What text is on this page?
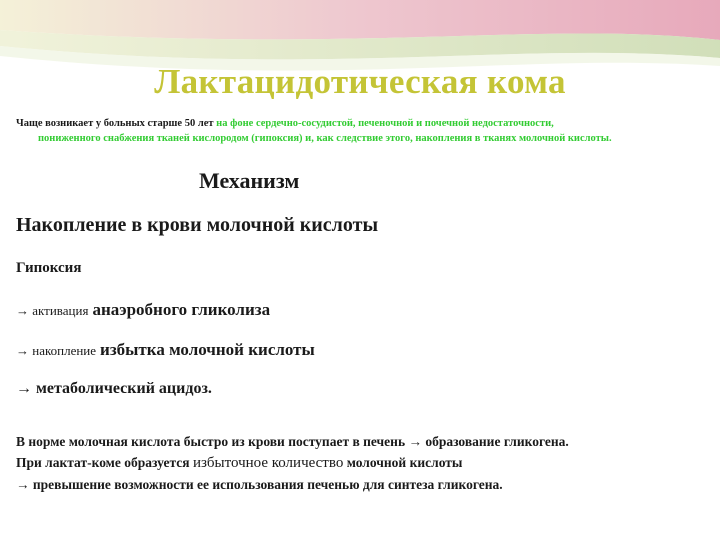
Лактацидотическая кома
Чаще возникает у больных старше 50 лет на фоне сердечно-сосудистой, печеночной и почечной недостаточности,
пониженного снабжения тканей кислородом (гипоксия) и, как следствие этого, накопления в тканях молочной кислоты.
Механизм
Накопление в крови молочной кислоты
Гипоксия
→ активация анаэробного гликолиза
→ накопление избытка молочной кислоты
→ метаболический ацидоз.
В норме молочная кислота быстро из крови поступает в печень → образование гликогена.
При лактат-коме образуется избыточное количество молочной кислоты
→ превышение возможности ее использования печенью для синтеза гликогена.
